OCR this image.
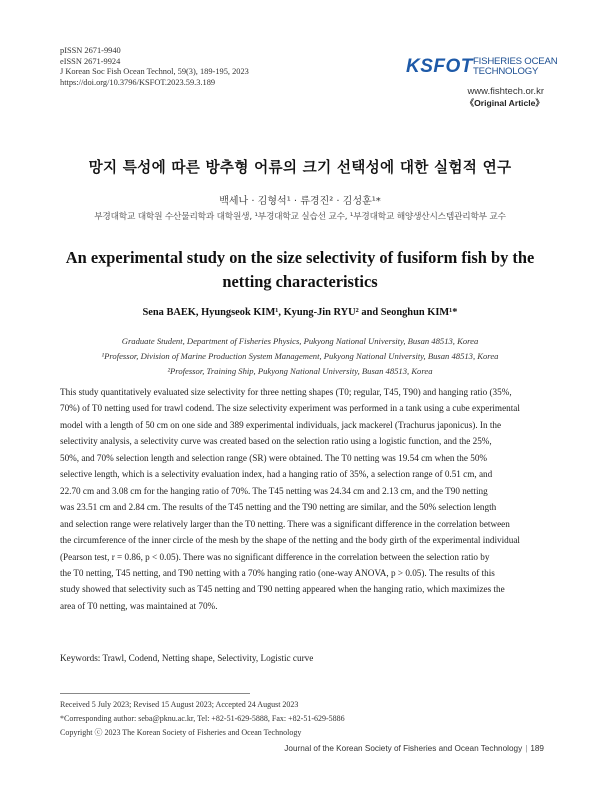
pISSN 2671-9940
eISSN 2671-9924
J Korean Soc Fish Ocean Technol, 59(3), 189-195, 2023
https://doi.org/10.3796/KSFOT.2023.59.3.189
KSFOT FISHERIES OCEAN
TECHNOLOGY
www.fishtech.or.kr
《Original Article》
망지 특성에 따른 방추형 어류의 크기 선택성에 대한 실험적 연구
백세나 · 김형석¹ · 류경진² · 김성훈¹*
부경대학교 대학원 수산물리학과 대학원생, ¹부경대학교 실습선 교수, ¹부경대학교 해양생산시스템관리학부 교수
An experimental study on the size selectivity of fusiform fish by the netting characteristics
Sena BAEK, Hyungseok KIM¹, Kyung-Jin RYU² and Seonghun KIM¹*
Graduate Student, Department of Fisheries Physics, Pukyong National University, Busan 48513, Korea
¹Professor, Division of Marine Production System Management, Pukyong National University, Busan 48513, Korea
²Professor, Training Ship, Pukyong National University, Busan 48513, Korea
This study quantitatively evaluated size selectivity for three netting shapes (T0; regular, T45, T90) and hanging ratio (35%,
70%) of T0 netting used for trawl codend. The size selectivity experiment was performed in a tank using a cube experimental
model with a length of 50 cm on one side and 389 experimental individuals, jack mackerel (Trachurus japonicus). In the
selectivity analysis, a selectivity curve was created based on the selection ratio using a logistic function, and the 25%,
50%, and 70% selection length and selection range (SR) were obtained. The T0 netting was 19.54 cm when the 50%
selective length, which is a selectivity evaluation index, had a hanging ratio of 35%, a selection range of 0.51 cm, and
22.70 cm and 3.08 cm for the hanging ratio of 70%. The T45 netting was 24.34 cm and 2.13 cm, and the T90 netting
was 23.51 cm and 2.84 cm. The results of the T45 netting and the T90 netting are similar, and the 50% selection length
and selection range were relatively larger than the T0 netting. There was a significant difference in the correlation between
the circumference of the inner circle of the mesh by the shape of the netting and the body girth of the experimental individual
(Pearson test, r = 0.86, p < 0.05). There was no significant difference in the correlation between the selection ratio by
the T0 netting, T45 netting, and T90 netting with a 70% hanging ratio (one-way ANOVA, p > 0.05). The results of this
study showed that selectivity such as T45 netting and T90 netting appeared when the hanging ratio, which maximizes the
area of T0 netting, was maintained at 70%.
Keywords: Trawl, Codend, Netting shape, Selectivity, Logistic curve
Received 5 July 2023; Revised 15 August 2023; Accepted 24 August 2023
*Corresponding author: seba@pknu.ac.kr, Tel: +82-51-629-5888, Fax: +82-51-629-5886
Copyright ⓒ 2023 The Korean Society of Fisheries and Ocean Technology
Journal of the Korean Society of Fisheries and Ocean Technology | 189
